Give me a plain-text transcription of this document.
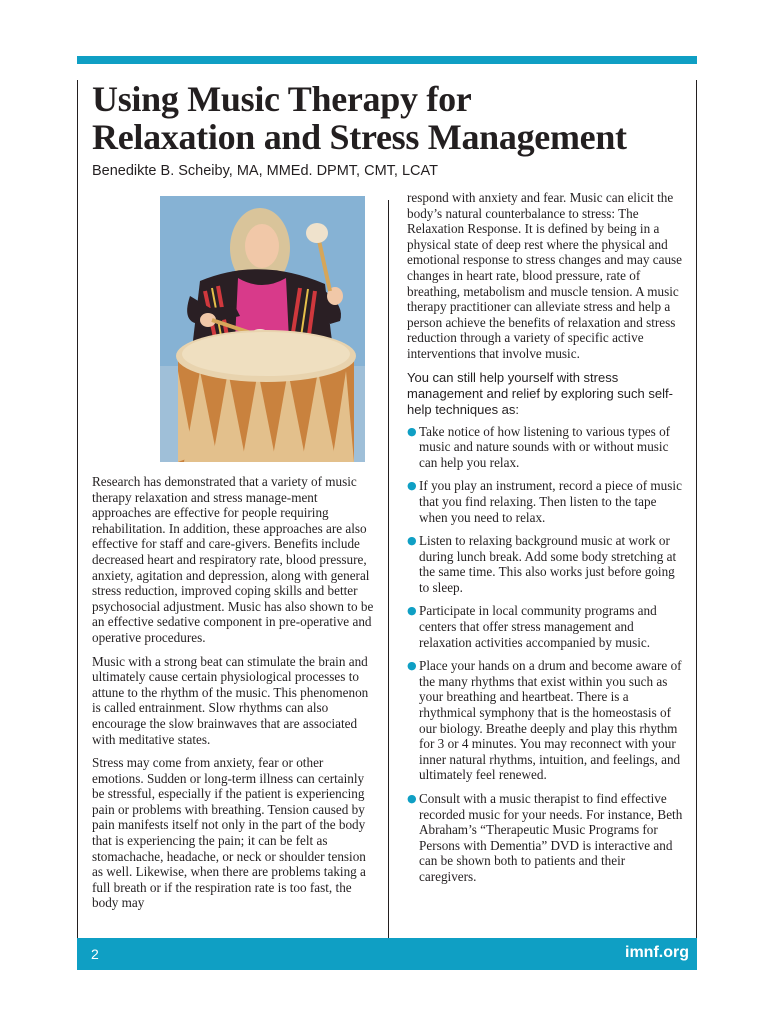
Using Music Therapy for
Relaxation and Stress Management
Benedikte B. Scheiby, MA, MMEd. DPMT, CMT, LCAT

Research has demonstrated that a variety of music therapy relaxation and stress manage-ment approaches are effective for people requiring rehabilitation. In addition, these approaches are also effective for staff and care-givers. Benefits include decreased heart and respiratory rate, blood pressure, anxiety, agitation and depression, along with general stress reduction, improved coping skills and better psychosocial adjustment. Music has also shown to be an effective sedative component in pre-operative and operative procedures.

Music with a strong beat can stimulate the brain and ultimately cause certain physiological processes to attune to the rhythm of the music. This phenomenon is called entrainment. Slow rhythms can also encourage the slow brainwaves that are associated with meditative states.

Stress may come from anxiety, fear or other emotions. Sudden or long-term illness can certainly be stressful, especially if the patient is experiencing pain or problems with breathing. Tension caused by pain manifests itself not only in the part of the body that is experiencing the pain; it can be felt as stomachache, headache, or neck or shoulder tension as well. Likewise, when there are problems taking a full breath or if the respiration rate is too fast, the body may

respond with anxiety and fear. Music can elicit the body’s natural counterbalance to stress: The Relaxation Response. It is defined by being in a physical state of deep rest where the physical and emotional response to stress changes and may cause changes in heart rate, blood pressure, rate of breathing, metabolism and muscle tension. A music therapy practitioner can alleviate stress and help a person achieve the benefits of relaxation and stress reduction through a variety of specific active interventions that involve music.

You can still help yourself with stress management and relief by exploring such self-help techniques as:
● Take notice of how listening to various types of music and nature sounds with or without music can help you relax.
● If you play an instrument, record a piece of music that you find relaxing. Then listen to the tape when you need to relax.
● Listen to relaxing background music at work or during lunch break. Add some body stretching at the same time. This also works just before going to sleep.
● Participate in local community programs and centers that offer stress management and relaxation activities accompanied by music.
● Place your hands on a drum and become aware of the many rhythms that exist within you such as your breathing and heartbeat. There is a rhythmical symphony that is the homeostasis of our biology. Breathe deeply and play this rhythm for 3 or 4 minutes. You may reconnect with your inner natural rhythms, intuition, and feelings, and ultimately feel renewed.
● Consult with a music therapist to find effective recorded music for your needs. For instance, Beth Abraham’s “Therapeutic Music Programs for Persons with Dementia” DVD is interactive and can be shown both to patients and their caregivers.
2	imnf.org
